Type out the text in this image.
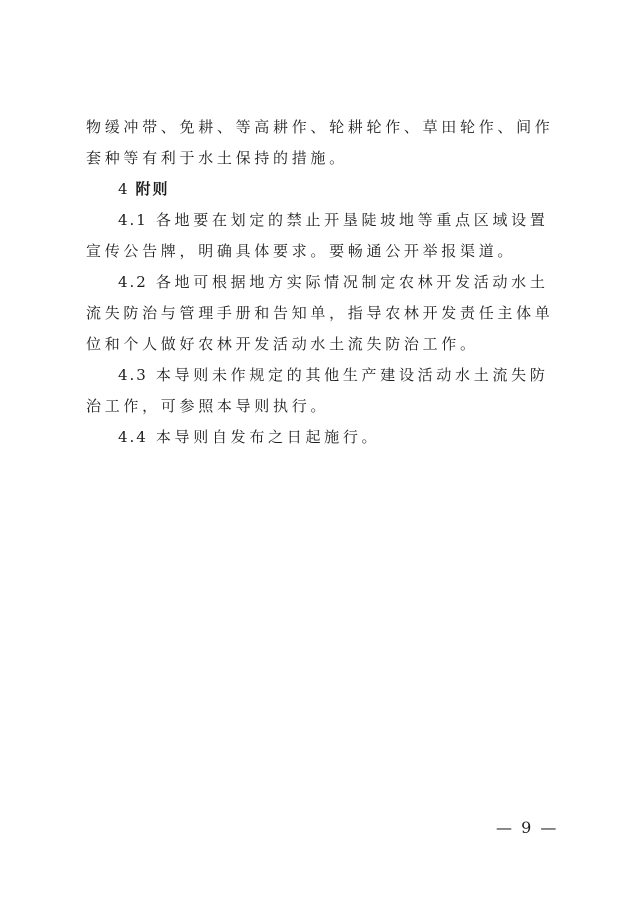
物缓冲带、免耕、等高耕作、轮耕轮作、草田轮作、间作套种等有利于水土保持的措施。

4 附则

4.1 各地要在划定的禁止开垦陡坡地等重点区域设置宣传公告牌，明确具体要求。要畅通公开举报渠道。

4.2 各地可根据地方实际情况制定农林开发活动水土流失防治与管理手册和告知单，指导农林开发责任主体单位和个人做好农林开发活动水土流失防治工作。

4.3 本导则未作规定的其他生产建设活动水土流失防治工作，可参照本导则执行。

4.4 本导则自发布之日起施行。

— 9 —
